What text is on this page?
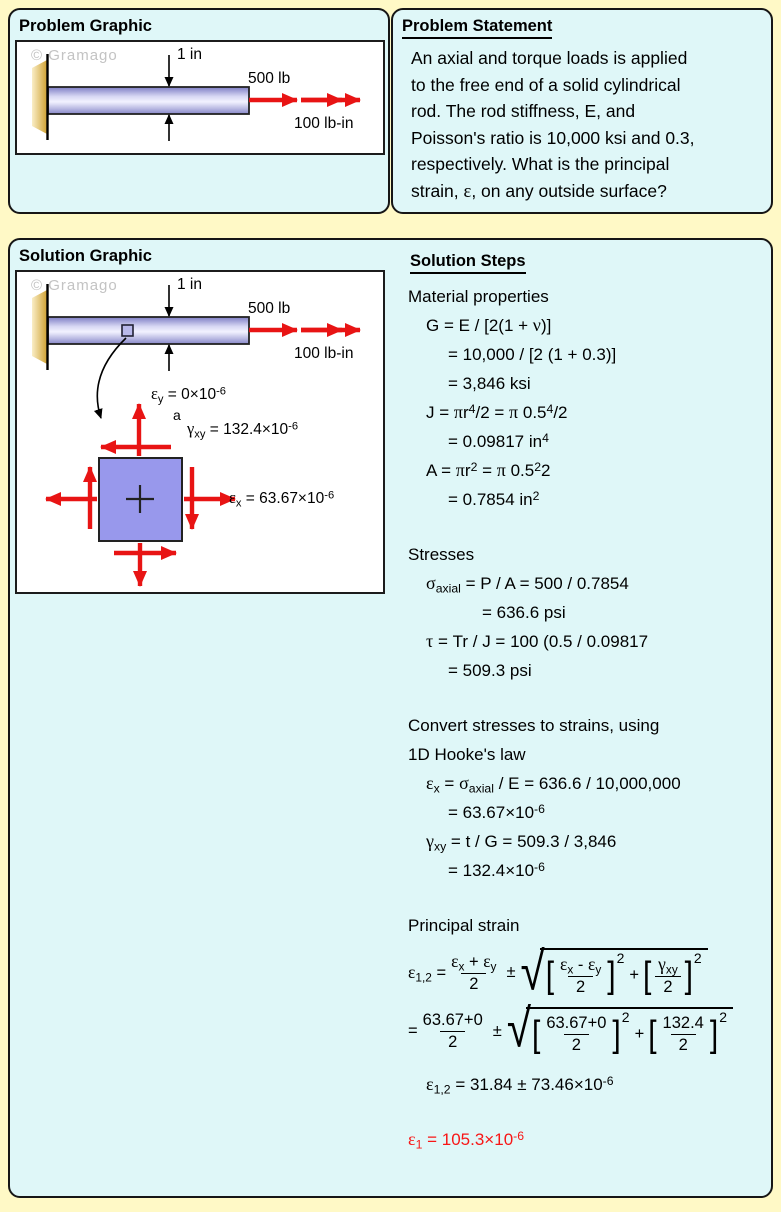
Problem Graphic
© Gramago	1 in
500 lb
100 lb-in
Problem Statement
An axial and torque loads is applied
to the free end of a solid cylindrical
rod. The rod stiffness, E, and
Poisson's ratio is 10,000 ksi and 0.3,
respectively. What is the principal
strain, ε, on any outside surface?
Solution Graphic
© Gramago	1 in
500 lb
100 lb-in
$\varepsilon_y = 0\times 10^{-6}$
a
$\gamma_{xy} = 132.4\times 10^{-6}$
$\varepsilon_x = 63.67\times 10^{-6}$
Solution Steps
Material properties
G = E / [2(1 + ν)]
= 10,000 / [2 (1 + 0.3)]
= 3,846 ksi
$J = \pi r^4/2 = \pi$ $0.5^4/2$
= 0.09817 $in^4$
$A = \pi r^2 = \pi$ $0.5^22$
= 0.7854 $in^2$
Stresses
$\sigma_{axial} = P / A = 500 / 0.7854$
= 636.6 psi
τ = Tr / J = 100 (0.5 / 0.09817
= 509.3 psi
Convert stresses to strains, using
1D Hooke's law
$\varepsilon_x = \sigma_{axial} / E = 636.6 / 10,000,000$
= $63.67\times 10^{-6}$
$\gamma_{xy} = t / G = 509.3 / 3,846$
= $132.4\times 10^{-6}$
Principal strain
$\varepsilon_{1,2} = \frac{\varepsilon_x + \varepsilon_y}{2}$ ± √ [ $\frac{\varepsilon_x - \varepsilon_y}{2}$ ] 2
+ [ $\frac{\gamma_{xy}}{2}$ ] 2
= $\frac{63.67+0}{2}$ ± √ [ $\frac{63.67+0}{2}$ ] 2
+ [ $\frac{132.4}{2}$ ] 2
$\varepsilon_{1,2} = 31.84 \pm 73.46\times 10^{-6}$
$\varepsilon_1 = 105.3\times 10^{-6}$
